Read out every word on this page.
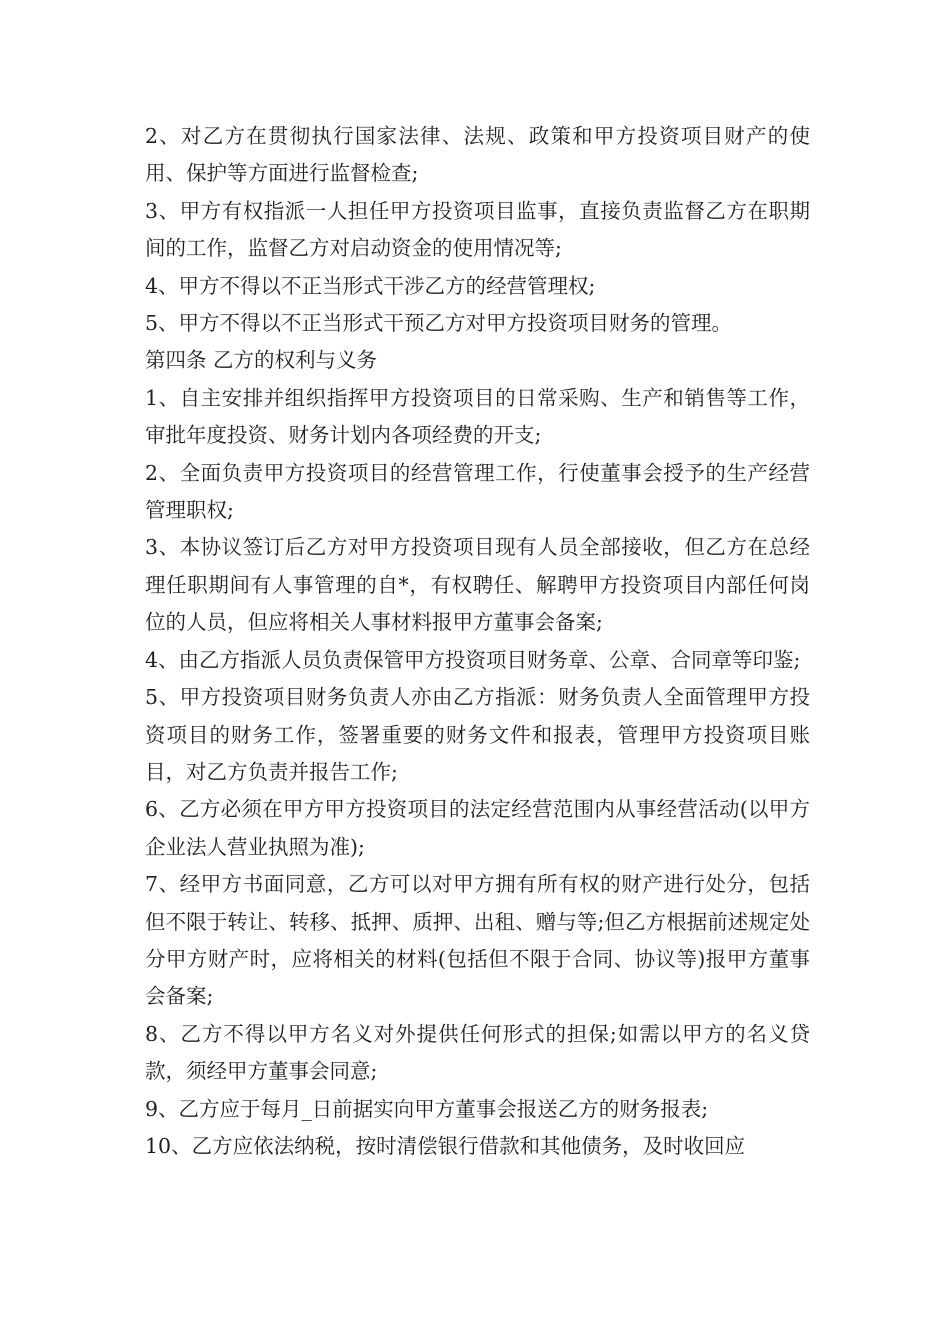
2、对乙方在贯彻执行国家法律、法规、政策和甲方投资项目财产的使用、保护等方面进行监督检查;

3、甲方有权指派一人担任甲方投资项目监事，直接负责监督乙方在职期间的工作，监督乙方对启动资金的使用情况等;

4、甲方不得以不正当形式干涉乙方的经营管理权;

5、甲方不得以不正当形式干预乙方对甲方投资项目财务的管理。

第四条 乙方的权利与义务

1、自主安排并组织指挥甲方投资项目的日常采购、生产和销售等工作，审批年度投资、财务计划内各项经费的开支;

2、全面负责甲方投资项目的经营管理工作，行使董事会授予的生产经营管理职权;

3、本协议签订后乙方对甲方投资项目现有人员全部接收，但乙方在总经理任职期间有人事管理的自*，有权聘任、解聘甲方投资项目内部任何岗位的人员，但应将相关人事材料报甲方董事会备案;

4、由乙方指派人员负责保管甲方投资项目财务章、公章、合同章等印鉴;

5、甲方投资项目财务负责人亦由乙方指派：财务负责人全面管理甲方投资项目的财务工作，签署重要的财务文件和报表，管理甲方投资项目账目，对乙方负责并报告工作;

6、乙方必须在甲方甲方投资项目的法定经营范围内从事经营活动(以甲方企业法人营业执照为准);

7、经甲方书面同意，乙方可以对甲方拥有所有权的财产进行处分，包括但不限于转让、转移、抵押、质押、出租、赠与等;但乙方根据前述规定处分甲方财产时，应将相关的材料(包括但不限于合同、协议等)报甲方董事会备案;

8、乙方不得以甲方名义对外提供任何形式的担保;如需以甲方的名义贷款，须经甲方董事会同意;

9、乙方应于每月_日前据实向甲方董事会报送乙方的财务报表;

10、乙方应依法纳税，按时清偿银行借款和其他债务，及时收回应
